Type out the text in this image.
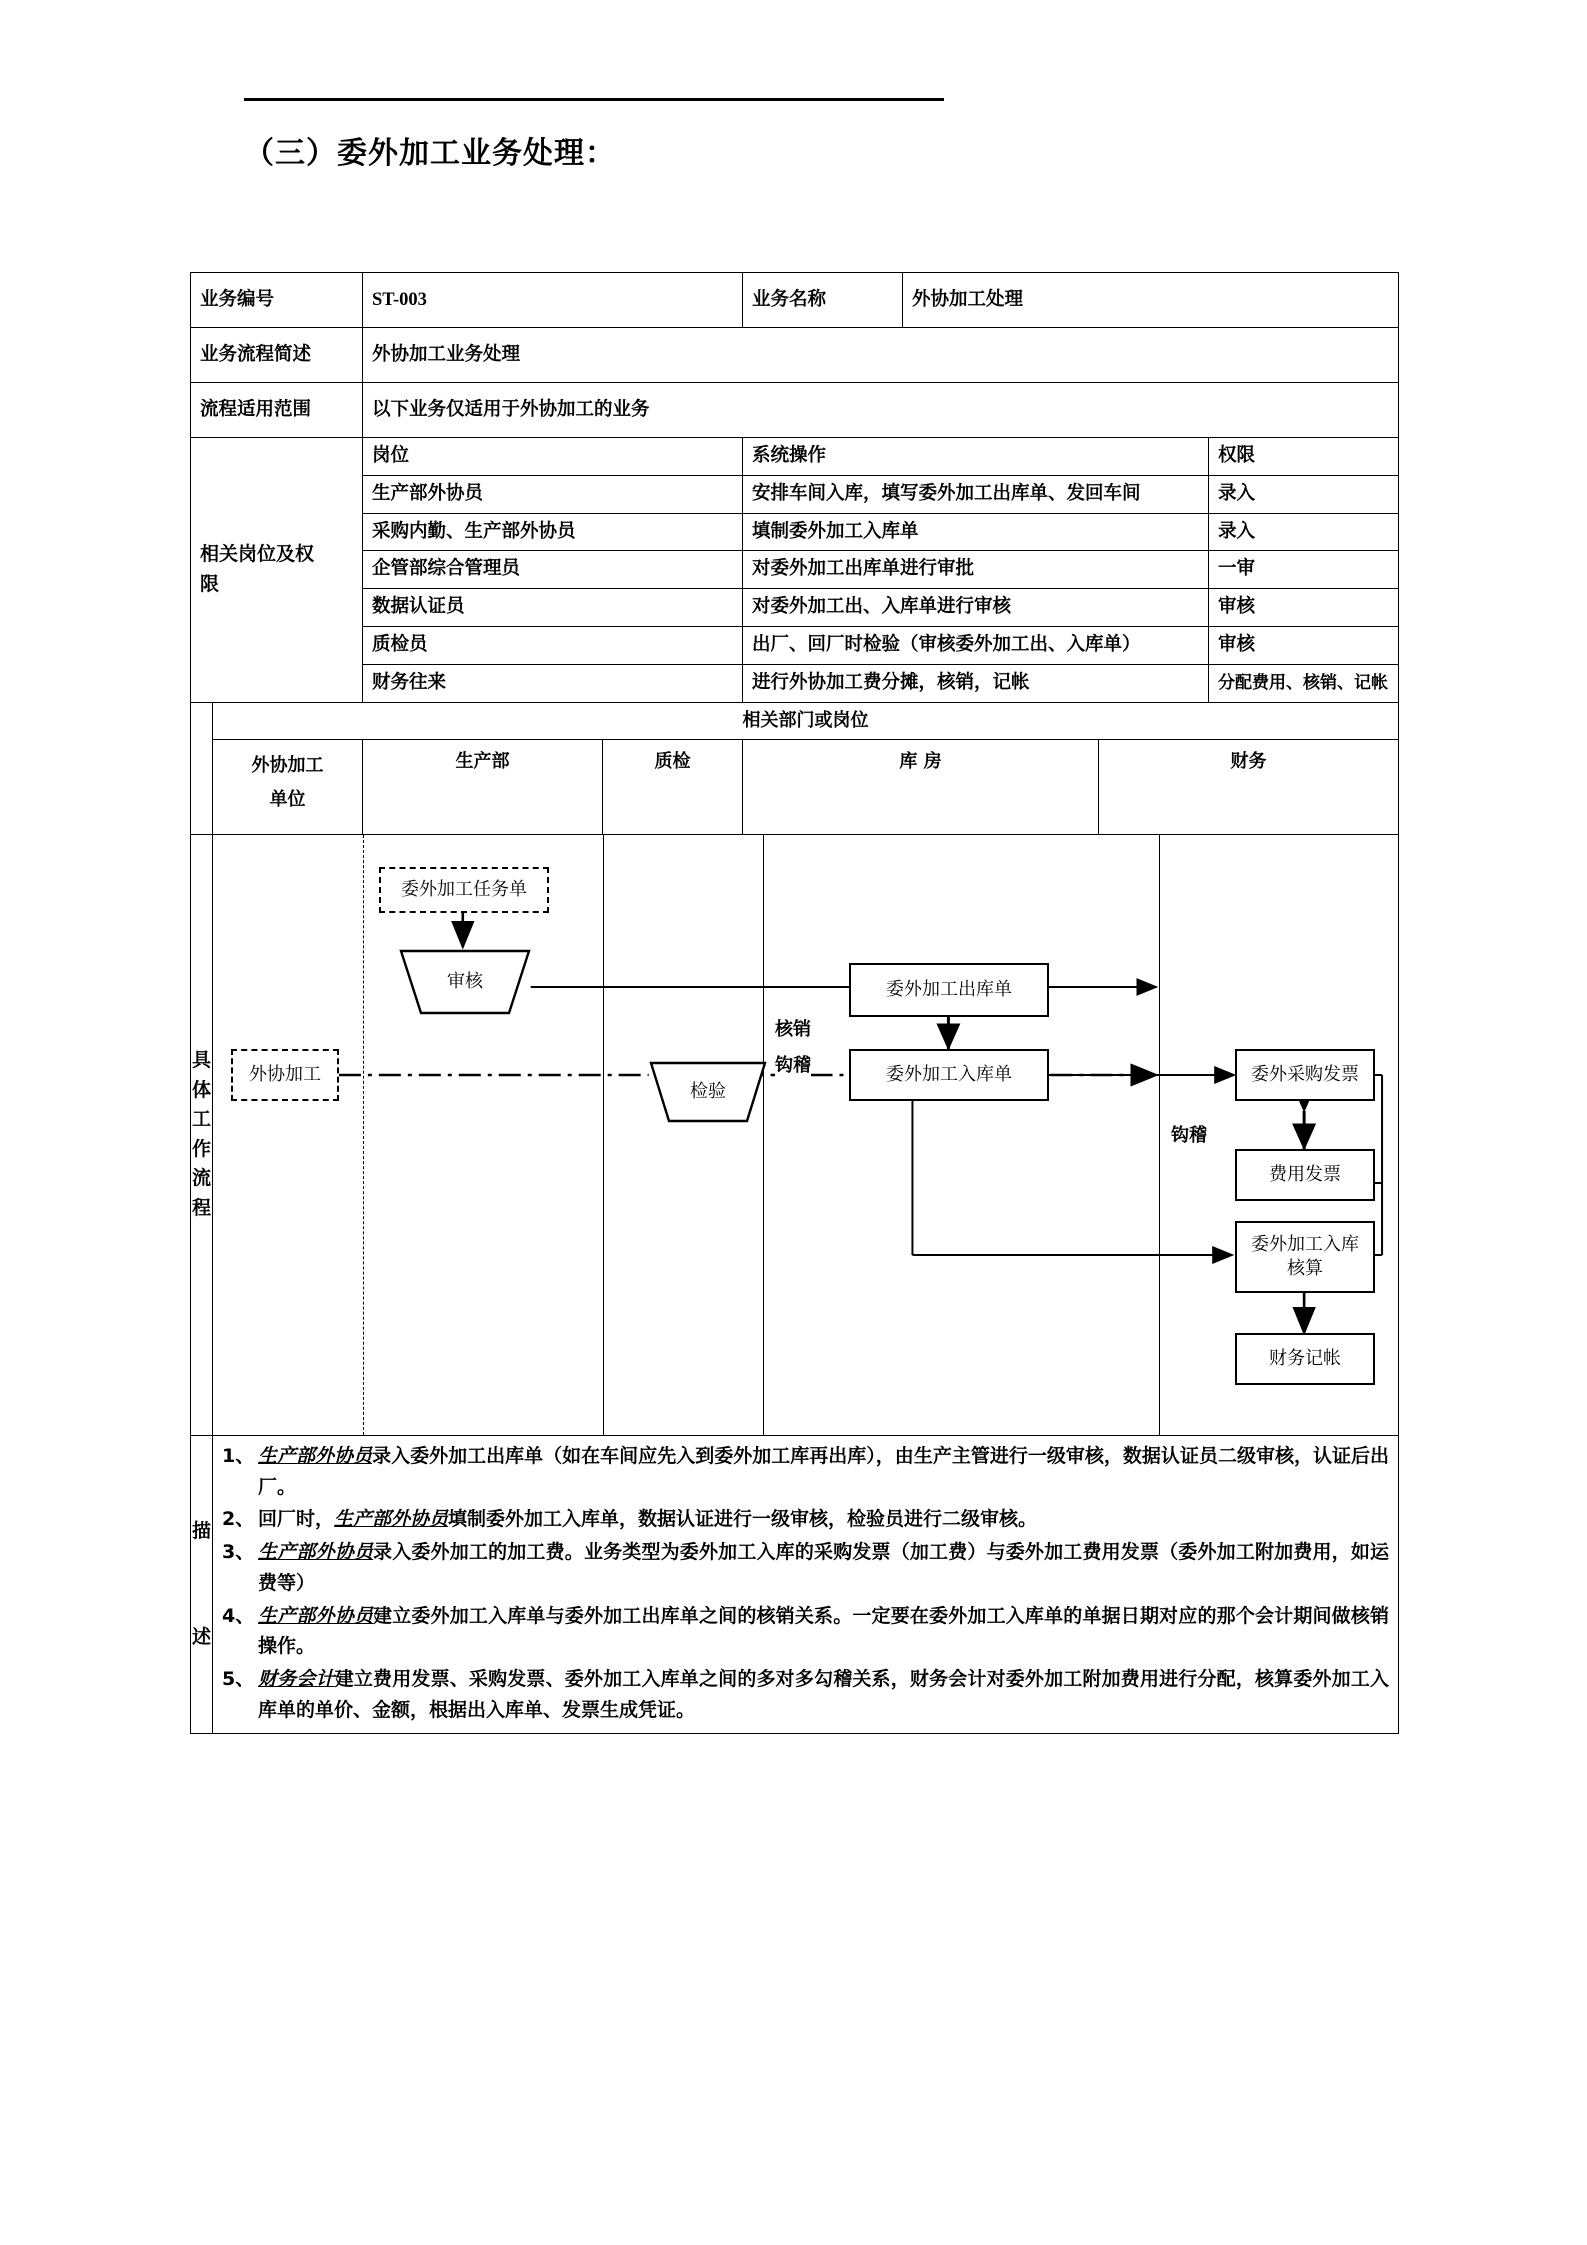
（三）委外加工业务处理：
业务编号		ST-003		业务名称	外协加工处理		
业务流程简述		外协加工业务处理					
流程适用范围		以下业务仅适用于外协加工的业务					

相关岗位及权
限		岗位		系统操作			权限
		生产部外协员		安排车间入库，填写委外加工出库单、发回车间			录入
		采购内勤、生产部外协员		填制委外加工入库单			录入
		企管部综合管理员		对委外加工出库单进行审批			一审
		数据认证员		对委外加工出、入库单进行审核			审核
		质检员		出厂、回厂时检验（审核委外加工出、入库单）			审核
		财务往来		进行外协加工费分摊，核销，记帐			分配费用、核销、记帐
	相关部门或岗位						

	外协加工
单位	生产部	质检	库 房		财务	

具
体
工
作
流
程

委外加工任务单
审核
外协加工
检验
委外加工出库单
委外加工入库单	委外采购发票
费用发票
委外加工入库
核算
财务记帐
核销
钩稽
钩稽

描
述

1、 生产部外协员录入委外加工出库单（如在车间应先入到委外加工库再出库），由生产主管进行一级审核，数据认证员二级审核，认证后出厂。
2、 回厂时，生产部外协员填制委外加工入库单，数据认证进行一级审核，检验员进行二级审核。
3、 生产部外协员录入委外加工的加工费。业务类型为委外加工入库的采购发票（加工费）与委外加工费用发票（委外加工附加费用，如运费等）
4、 生产部外协员建立委外加工入库单与委外加工出库单之间的核销关系。一定要在委外加工入库单的单据日期对应的那个会计期间做核销操作。
5、 财务会计建立费用发票、采购发票、委外加工入库单之间的多对多勾稽关系，财务会计对委外加工附加费用进行分配，核算委外加工入库单的单价、金额，根据出入库单、发票生成凭证。
